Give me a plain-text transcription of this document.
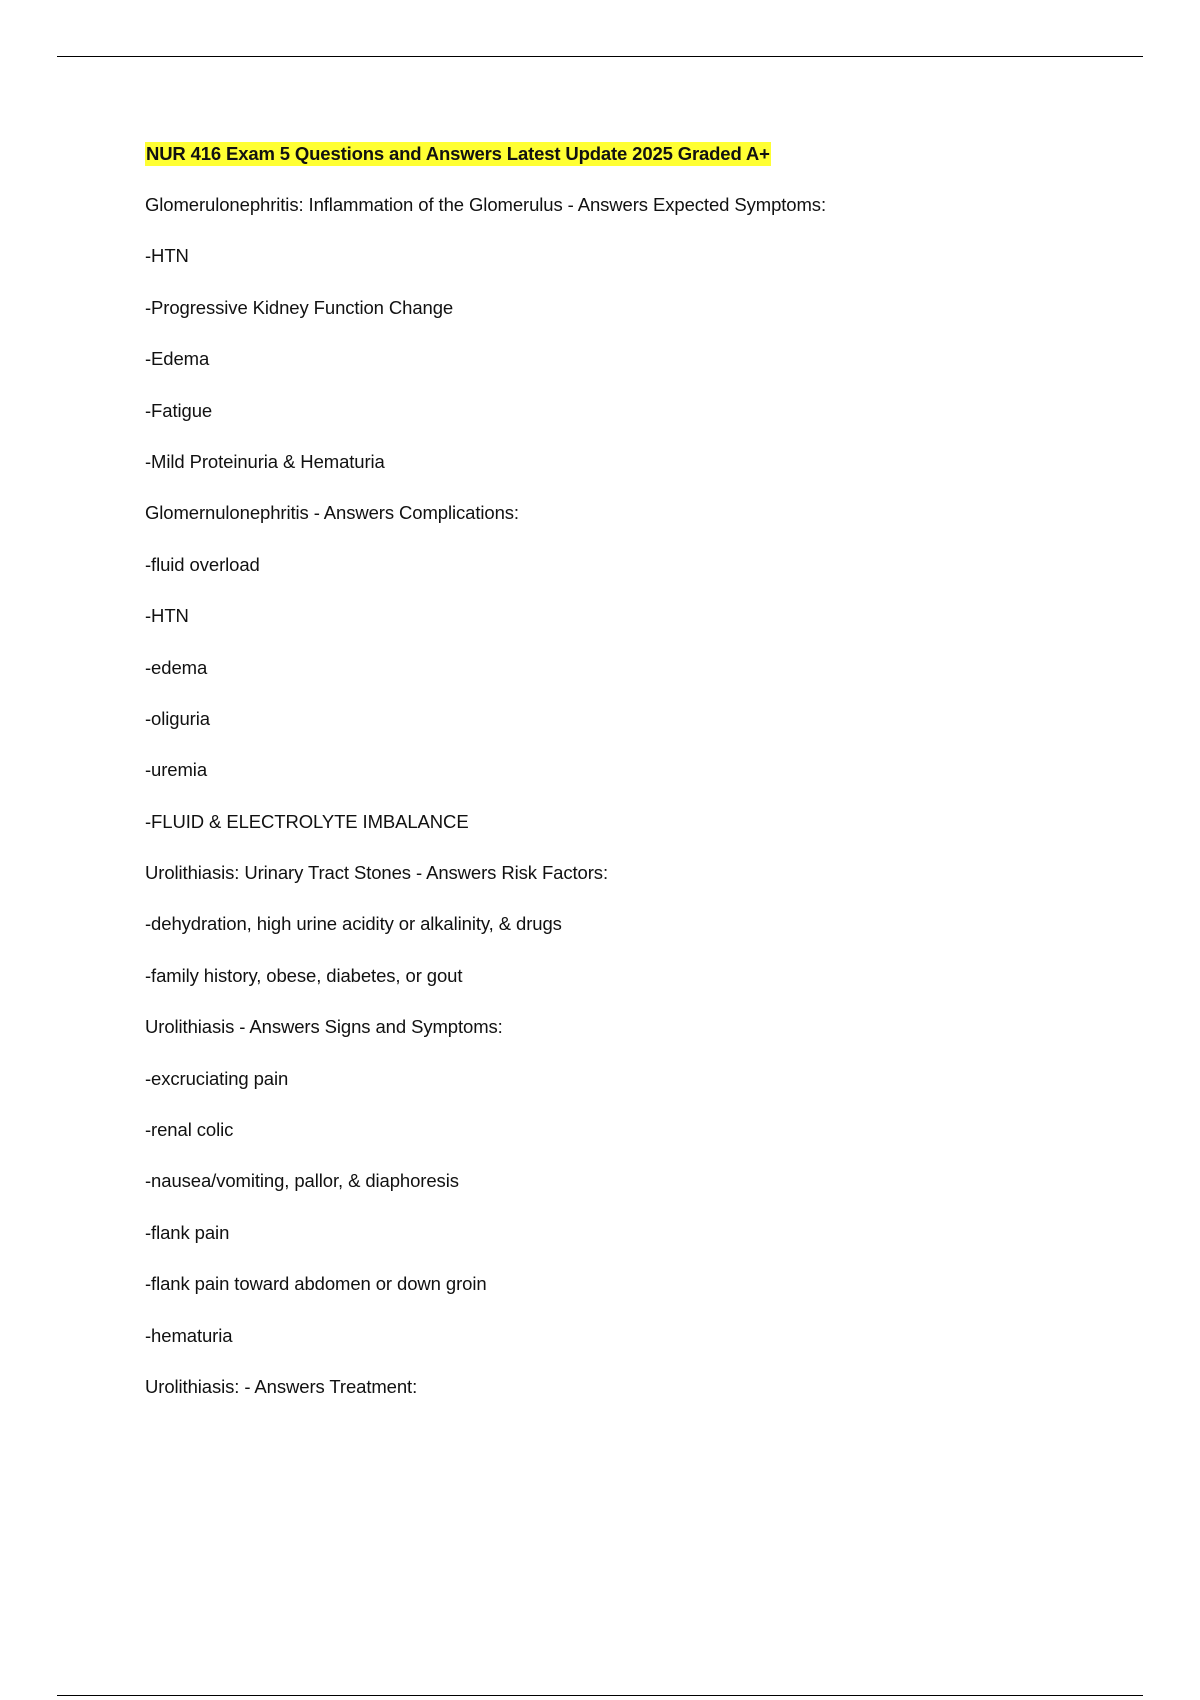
NUR 416 Exam 5 Questions and Answers Latest Update 2025 Graded A+
Glomerulonephritis: Inflammation of the Glomerulus - Answers Expected Symptoms:
-HTN
-Progressive Kidney Function Change
-Edema
-Fatigue
-Mild Proteinuria & Hematuria
Glomernulonephritis - Answers Complications:
-fluid overload
-HTN
-edema
-oliguria
-uremia
-FLUID & ELECTROLYTE IMBALANCE
Urolithiasis: Urinary Tract Stones - Answers Risk Factors:
-dehydration, high urine acidity or alkalinity, & drugs
-family history, obese, diabetes, or gout
Urolithiasis - Answers Signs and Symptoms:
-excruciating pain
-renal colic
-nausea/vomiting, pallor, & diaphoresis
-flank pain
-flank pain toward abdomen or down groin
-hematuria
Urolithiasis: - Answers Treatment:
